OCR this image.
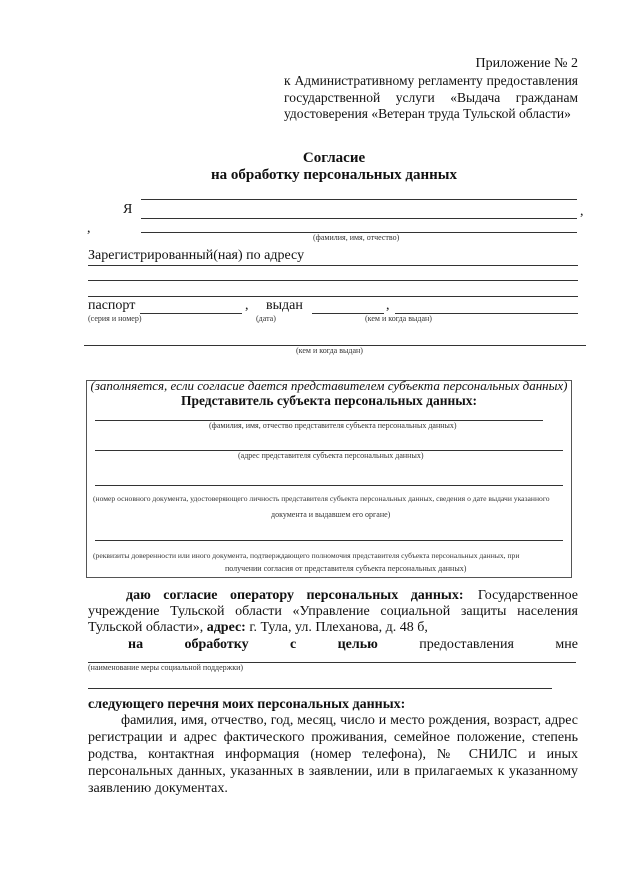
Приложение № 2
к Административному регламенту предоставления
государственной услуги «Выдача гражданам
удостоверения «Ветеран труда Тульской области»
Согласие
на обработку персональных данных
Я	,
,
(фамилия, имя, отчество)
Зарегистрированный(ная) по адресу
паспорт	, выдан	,
(серия и номер)	(дата)	(кем и когда выдан)
(кем и когда выдан)
(заполняется, если согласие дается представителем субъекта персональных данных)
Представитель субъекта персональных данных:
(фамилия, имя, отчество представителя субъекта персональных данных)
(адрес представителя субъекта персональных данных)
(номер основного документа, удостоверяющего личность представителя субъекта персональных данных, сведения о дате выдачи указанного
документа и выдавшем его органе)
(реквизиты доверенности или иного документа, подтверждающего полномочия представителя субъекта персональных данных, при
получении согласия от представителя субъекта персональных данных)
даю согласие оператору персональных данных: Государственное
учреждение Тульской области «Управление социальной защиты населения
Тульской области», адрес: г. Тула, ул. Плеханова, д. 48 б,
на	обработку	с	целью	предоставления	мне
(наименование меры социальной поддержки)
следующего перечня моих персональных данных:
фамилия, имя, отчество, год, месяц, число и место рождения, возраст, адрес
регистрации и адрес фактического проживания, семейное положение, степень
родства, контактная информация (номер телефона), № СНИЛС и иных
персональных данных, указанных в заявлении, или в прилагаемых к указанному
заявлению документах.
